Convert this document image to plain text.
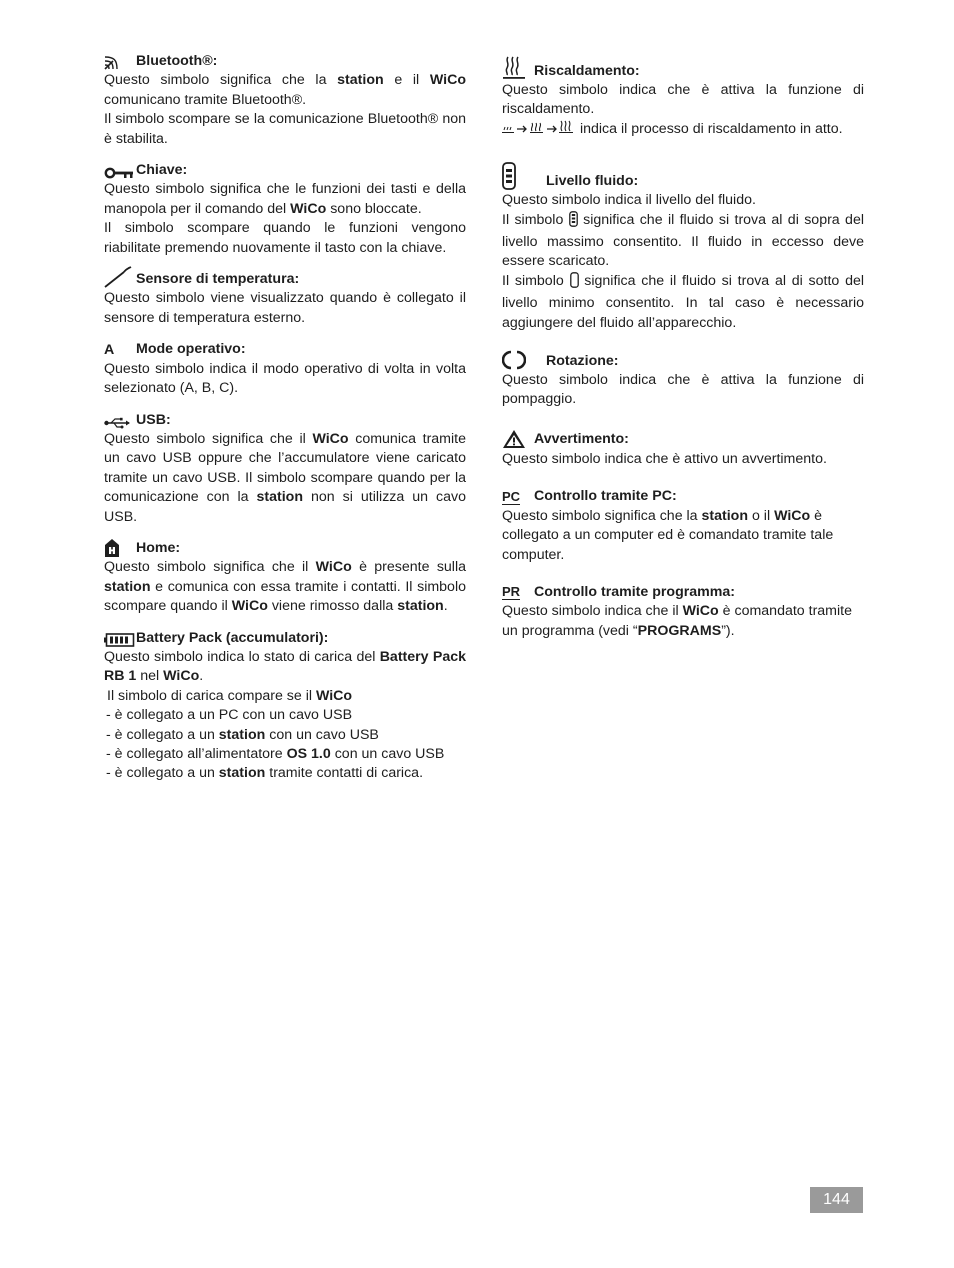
Bluetooth®:

Questo simbolo significa che la station e il WiCo comunicano tramite Bluetooth®.

Il simbolo scompare se la comunicazione Bluetooth® non è stabilita.

Chiave:

Questo simbolo significa che le funzioni dei tasti e della manopola per il comando del WiCo sono bloccate.

Il simbolo scompare quando le funzioni vengono riabilitate premendo nuovamente il tasto con la chiave.

Sensore di temperatura:

Questo simbolo viene visualizzato quando è collegato il sensore di temperatura esterno.

A	Mode operativo:

Questo simbolo indica il modo operativo di volta in volta selezionato (A, B, C).

USB:

Questo simbolo significa che il WiCo comunica tramite un cavo USB oppure che l’accumulatore viene caricato tramite un cavo USB. Il simbolo scompare quando per la comunicazione con la station non si utilizza un cavo USB.

Home:

Questo simbolo significa che il WiCo è presente sulla station e comunica con essa tramite i contatti. Il simbolo scompare quando il WiCo viene rimosso dalla station.

Battery Pack (accumulatori):

Questo simbolo indica lo stato di carica del Battery Pack RB 1 nel WiCo.

Il simbolo di carica compare se il WiCo

- è collegato a un PC con un cavo USB
- è collegato a un station con un cavo USB
- è collegato all’alimentatore OS 1.0 con un cavo USB
- è collegato a un station tramite contatti di carica.
Riscaldamento:

Questo simbolo indica che è attiva la funzione di riscaldamento.

indica il processo di riscaldamento in atto.

Livello fluido:

Questo simbolo indica il livello del fluido.

Il simbolo significa che il fluido si trova al di sopra del livello massimo consentito. Il fluido in eccesso deve essere scaricato.

Il simbolo significa che il fluido si trova al di sotto del livello minimo consentito. In tal caso è necessario aggiungere del fluido all’apparecchio.

Rotazione:

Questo simbolo indica che è attiva la funzione di pompaggio.

Avvertimento:

Questo simbolo indica che è attivo un avvertimento.

PC Controllo tramite PC:

Questo simbolo significa che la station o il WiCo è collegato a un computer ed è comandato tramite tale computer.

PR Controllo tramite programma:

Questo simbolo indica che il WiCo è comandato tramite un programma (vedi “PROGRAMS”).

144
